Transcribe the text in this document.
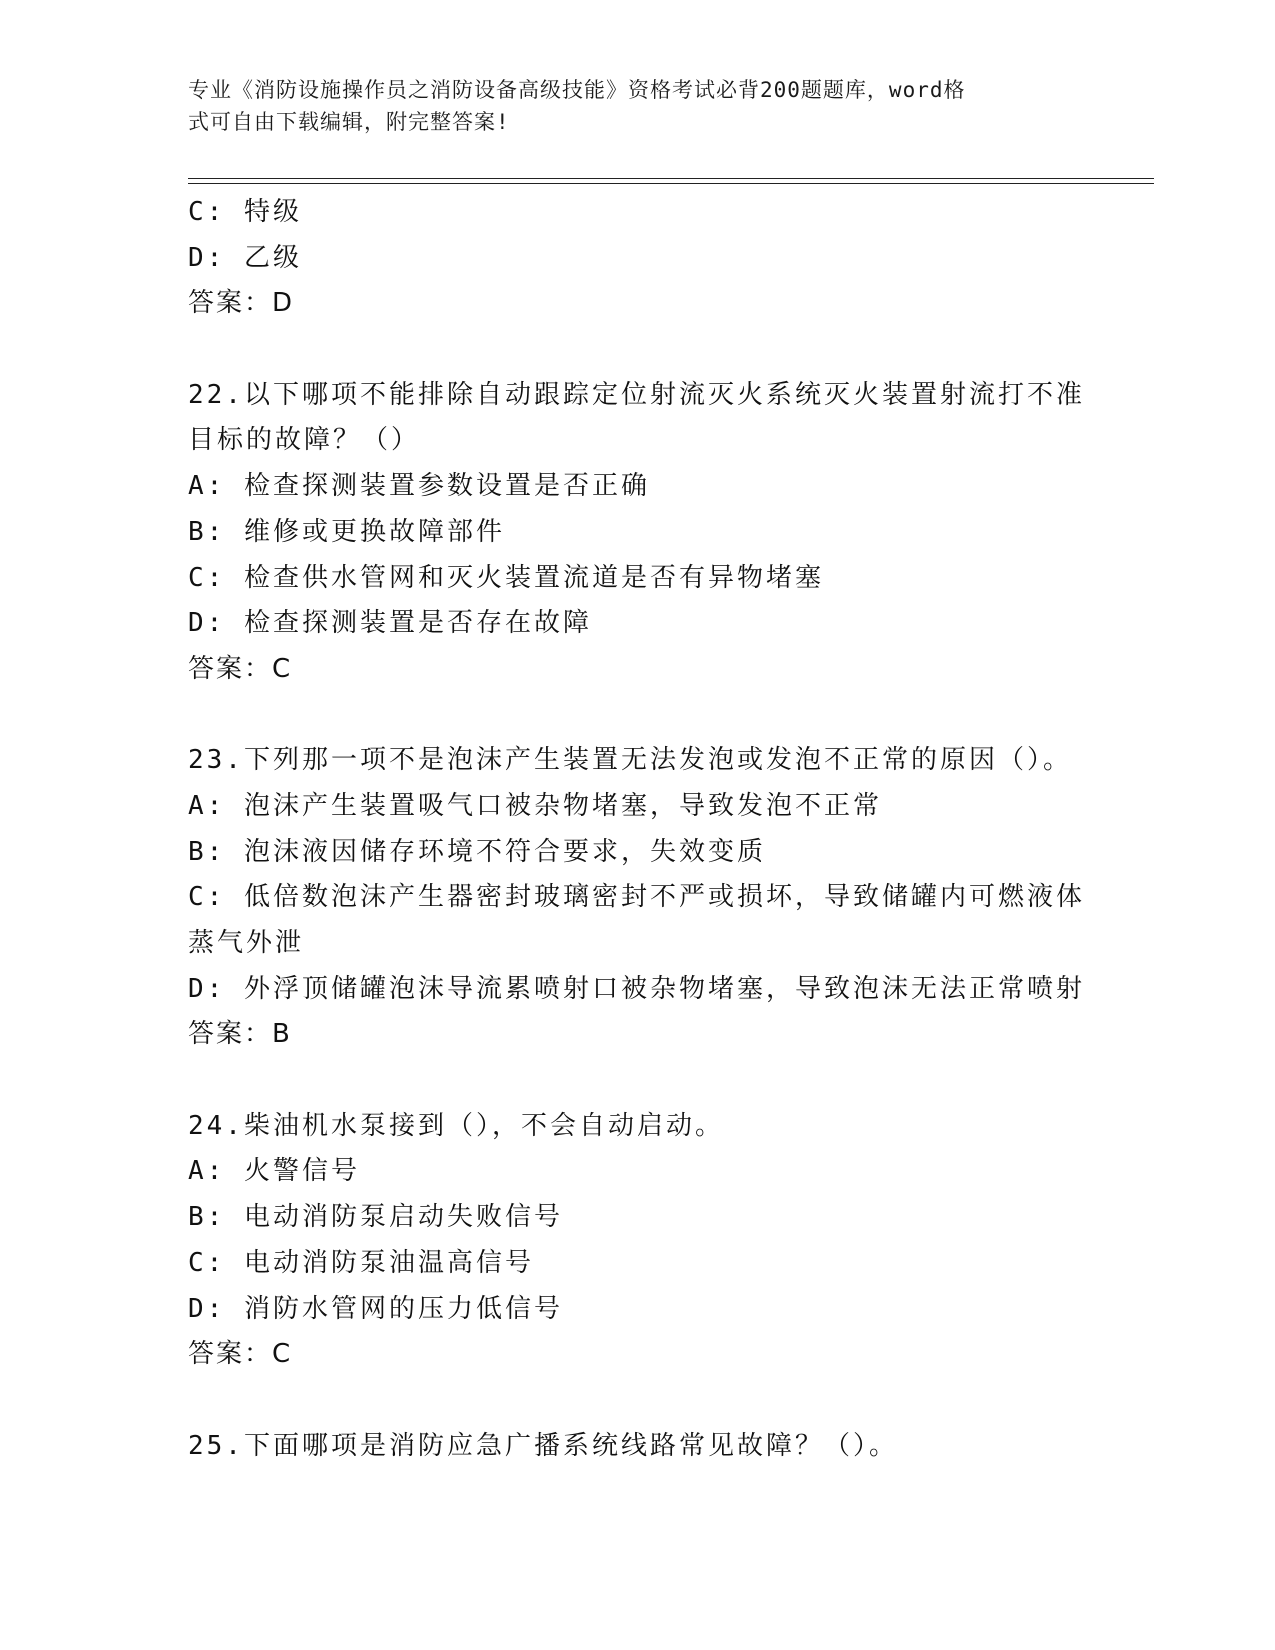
专业《消防设施操作员之消防设备高级技能》资格考试必背200题题库，word格
式可自由下载编辑，附完整答案!
C: 特级
D: 乙级
答案：D
22.以下哪项不能排除自动跟踪定位射流灭火系统灭火装置射流打不准
目标的故障？（）
A: 检查探测装置参数设置是否正确
B: 维修或更换故障部件
C: 检查供水管网和灭火装置流道是否有异物堵塞
D: 检查探测装置是否存在故障
答案：C
23.下列那一项不是泡沫产生装置无法发泡或发泡不正常的原因（）。
A: 泡沫产生装置吸气口被杂物堵塞，导致发泡不正常
B: 泡沫液因储存环境不符合要求，失效变质
C: 低倍数泡沫产生器密封玻璃密封不严或损坏，导致储罐内可燃液体
蒸气外泄
D: 外浮顶储罐泡沫导流累喷射口被杂物堵塞，导致泡沫无法正常喷射
答案：B
24.柴油机水泵接到（），不会自动启动。
A: 火警信号
B: 电动消防泵启动失败信号
C: 电动消防泵油温高信号
D: 消防水管网的压力低信号
答案：C
25.下面哪项是消防应急广播系统线路常见故障？（）。
